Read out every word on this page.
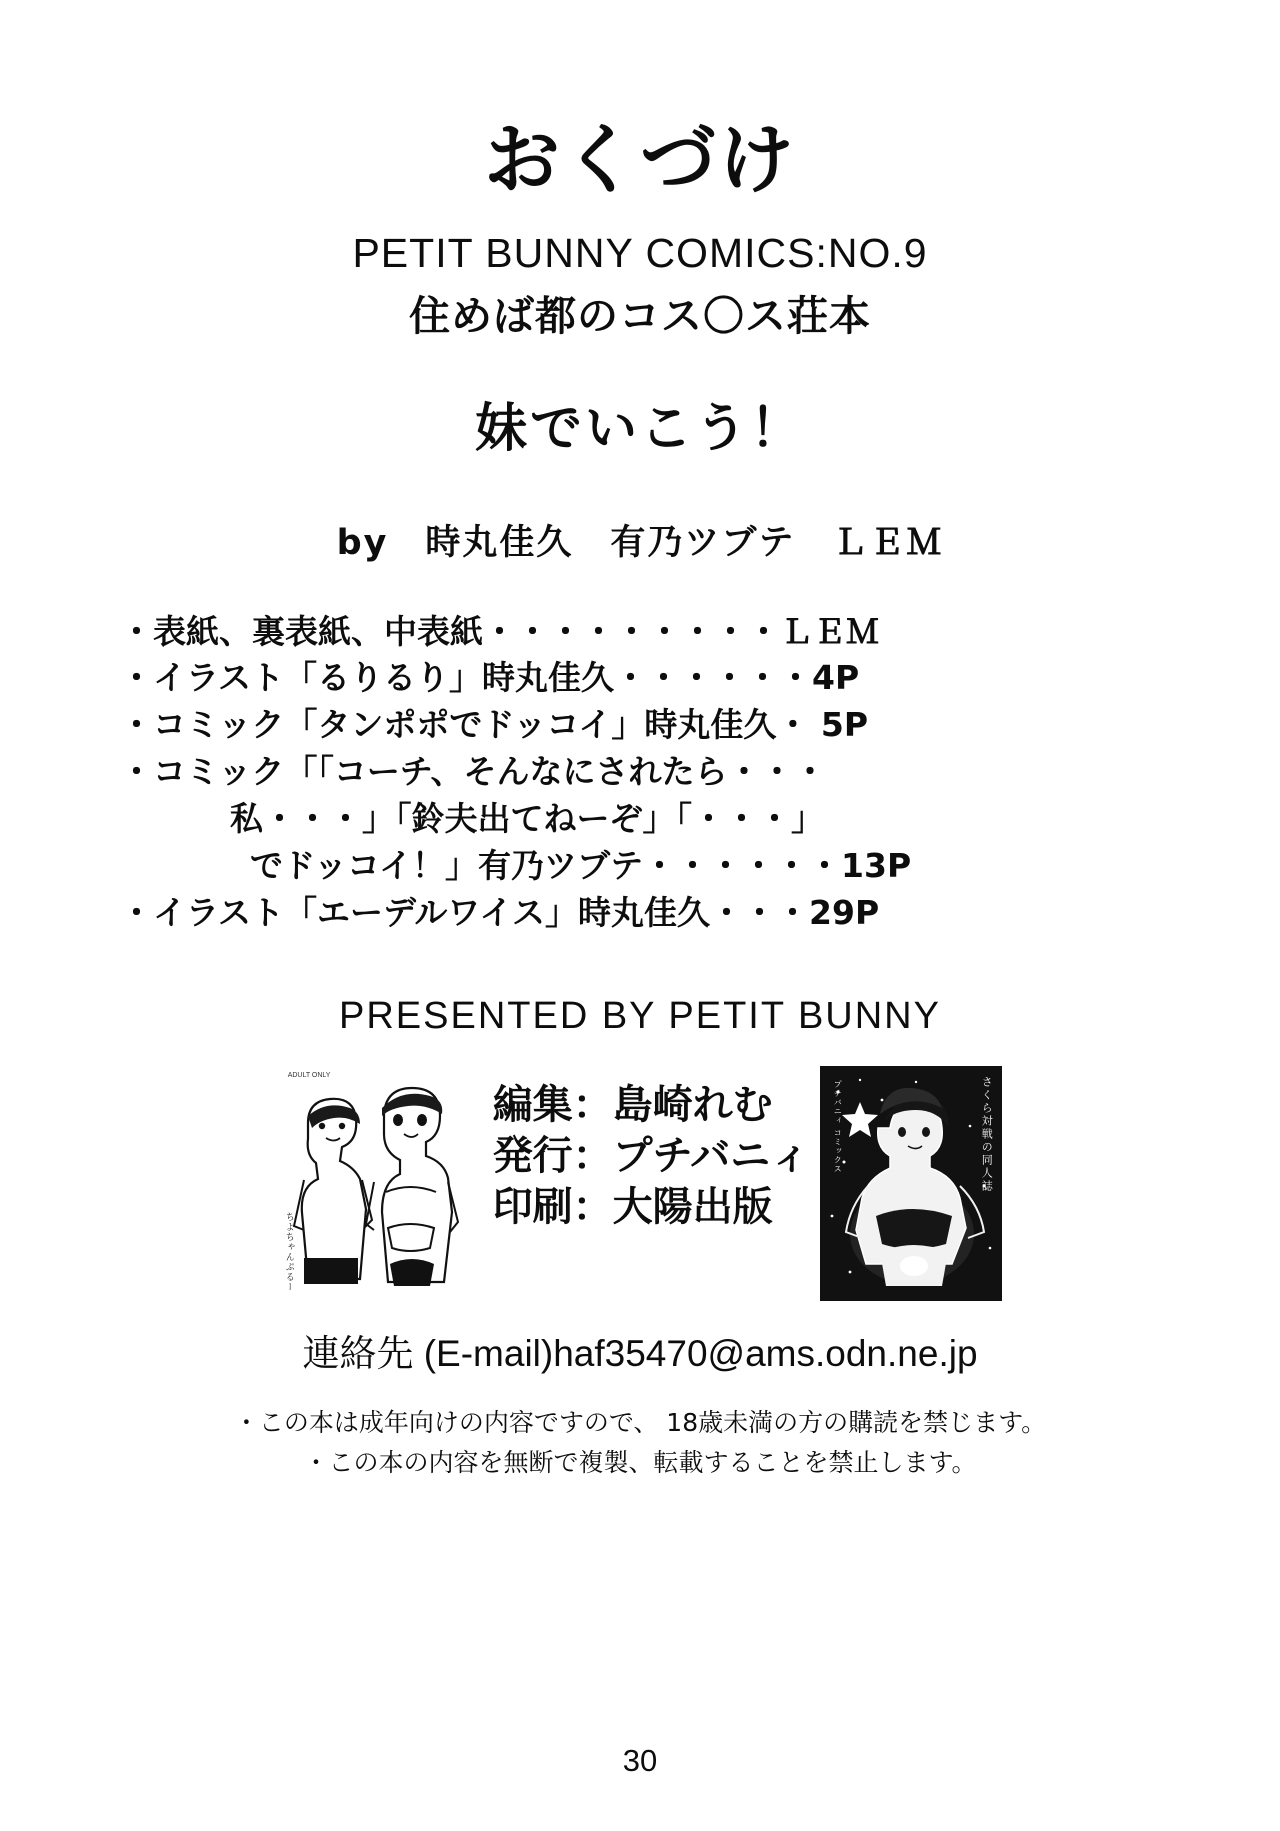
おくづけ
PETIT BUNNY COMICS:NO.9
住めば都のコス〇ス荘本
妹でいこう！
by　時丸佳久　有乃ツブテ　ＬＥＭ
・表紙、裏表紙、中表紙・・・・・・・・・ＬＥＭ
・イラスト「るりるり」時丸佳久・・・・・・4P
・コミック「タンポポでドッコイ」時丸佳久・ 5P
・コミック「「コーチ、そんなにされたら・・・
私・・・」「鈴夫出てねーぞ」「・・・」
でドッコイ！」有乃ツブテ・・・・・・13P
・イラスト「エーデルワイス」時丸佳久・・・29P
PRESENTED BY PETIT BUNNY
ADULT ONLY
ちよちゃんぷるー
編集：島崎れむ
発行：プチバニィ
印刷：大陽出版
さくら対戦の同人誌
プチバニィ コミックス
連絡先 (E-mail)haf35470@ams.odn.ne.jp
・この本は成年向けの内容ですので、 18歳未満の方の購読を禁じます。
・この本の内容を無断で複製、転載することを禁止します。
30
